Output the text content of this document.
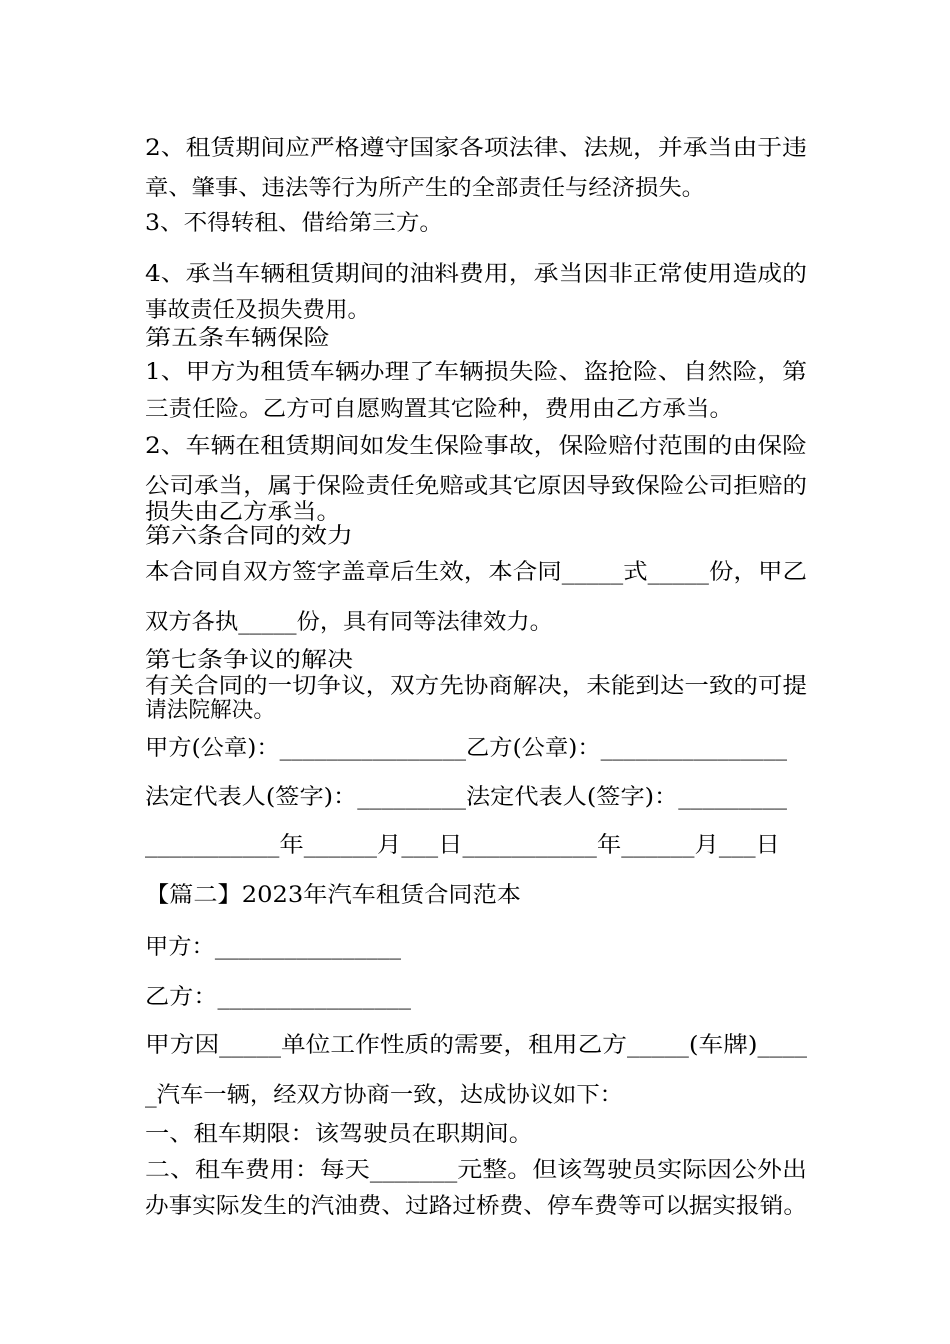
2、租赁期间应严格遵守国家各项法律、法规，并承当由于违
章、肇事、违法等行为所产生的全部责任与经济损失。
3、不得转租、借给第三方。
4、承当车辆租赁期间的油料费用，承当因非正常使用造成的
事故责任及损失费用。
第五条车辆保险
1、甲方为租赁车辆办理了车辆损失险、盗抢险、自然险，第
三责任险。乙方可自愿购置其它险种，费用由乙方承当。
2、车辆在租赁期间如发生保险事故，保险赔付范围的由保险
公司承当，属于保险责任免赔或其它原因导致保险公司拒赔的
损失由乙方承当。
第六条合同的效力
本合同自双方签字盖章后生效，本合同_____式_____份，甲乙
双方各执_____份，具有同等法律效力。
第七条争议的解决
有关合同的一切争议，双方先协商解决，未能到达一致的可提
请法院解决。
甲方(公章)：________________乙方(公章)：________________
法定代表人(签字)：_________法定代表人(签字)：_________
___________年______月___日___________年______月___日
【篇二】2023年汽车租赁合同范本
甲方：________________
乙方：________________
甲方因_____单位工作性质的需要，租用乙方_____(车牌)____
_汽车一辆，经双方协商一致，达成协议如下：
一、租车期限：该驾驶员在职期间。
二、租车费用：每天_______元整。但该驾驶员实际因公外出
办事实际发生的汽油费、过路过桥费、停车费等可以据实报销。
